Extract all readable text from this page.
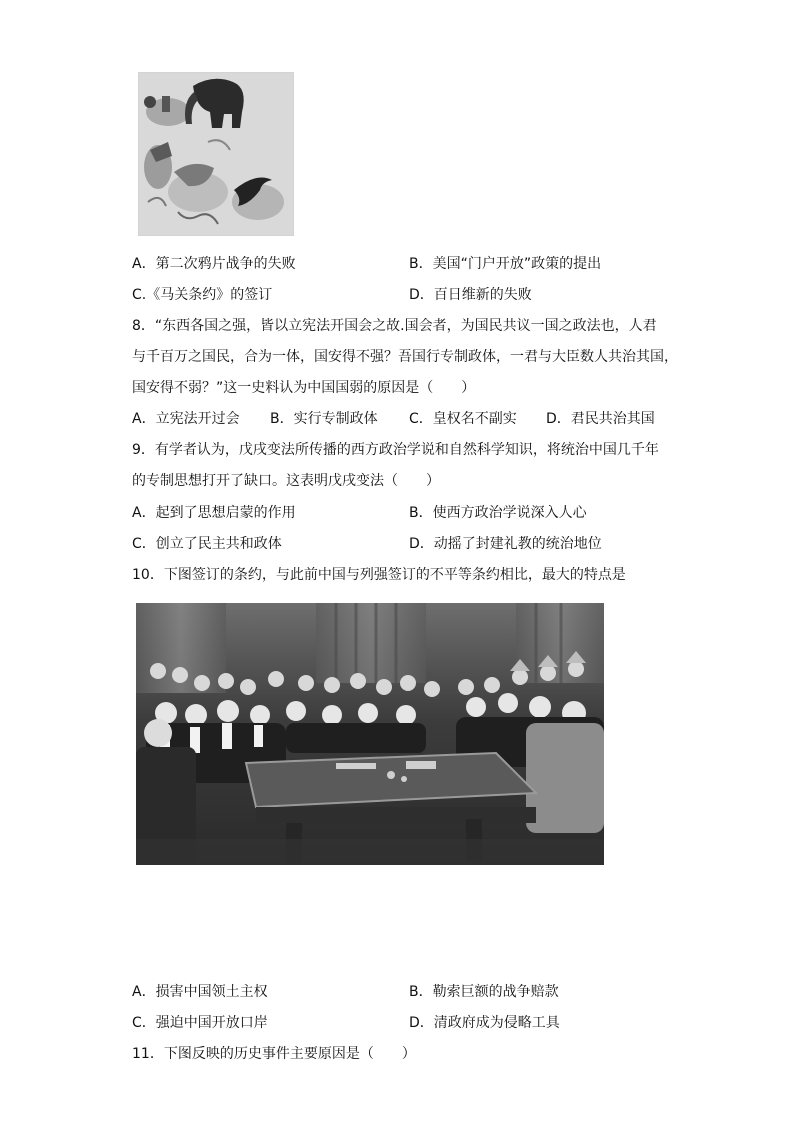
A．第二次鸦片战争的失败	B．美国“门户开放”政策的提出
C.《马关条约》的签订	D．百日维新的失败
8．“东西各国之强，皆以立宪法开国会之故.国会者，为国民共议一国之政法也，人君
与千百万之国民，合为一体，国安得不强？吾国行专制政体，一君与大臣数人共治其国，
国安得不弱？”这一史料认为中国国弱的原因是（　　）
A．立宪法开过会 B．实行专制政体 C．皇权名不副实 D．君民共治其国
9．有学者认为，戊戌变法所传播的西方政治学说和自然科学知识，将统治中国几千年
的专制思想打开了缺口。这表明戊戌变法（　　）
A．起到了思想启蒙的作用	B．使西方政治学说深入人心
C．创立了民主共和政体	D．动摇了封建礼教的统治地位
10．下图签订的条约，与此前中国与列强签订的不平等条约相比，最大的特点是
A．损害中国领土主权	B．勒索巨额的战争赔款
C．强迫中国开放口岸	D．清政府成为侵略工具
11．下图反映的历史事件主要原因是（　　）
